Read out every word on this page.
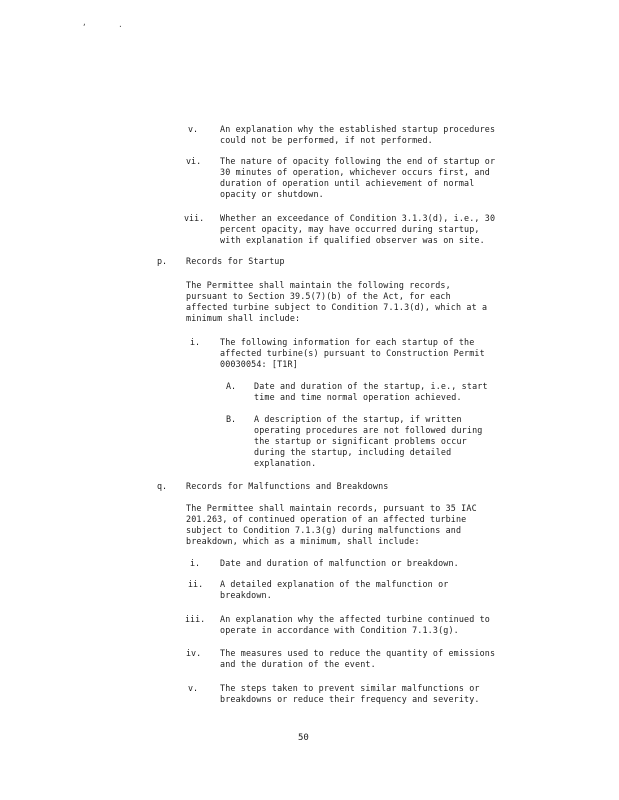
,	.
v.	An explanation why the established startup procedures
could not be performed, if not performed.
vi. The nature of opacity following the end of startup or
30 minutes of operation, whichever occurs first, and
duration of operation until achievement of normal
opacity or shutdown.
vii. Whether an exceedance of Condition 3.1.3(d), i.e., 30
percent opacity, may have occurred during startup,
with explanation if qualified observer was on site.
p. Records for Startup
The Permittee shall maintain the following records,
pursuant to Section 39.5(7)(b) of the Act, for each
affected turbine subject to Condition 7.1.3(d), which at a
minimum shall include:
i. The following information for each startup of the
affected turbine(s) pursuant to Construction Permit
00030054: [T1R]
A. Date and duration of the startup, i.e., start
time and time normal operation achieved.
B. A description of the startup, if written
operating procedures are not followed during
the startup or significant problems occur
during the startup, including detailed
explanation.
q. Records for Malfunctions and Breakdowns
The Permittee shall maintain records, pursuant to 35 IAC
201.263, of continued operation of an affected turbine
subject to Condition 7.1.3(g) during malfunctions and
breakdown, which as a minimum, shall include:
i. Date and duration of malfunction or breakdown.
ii. A detailed explanation of the malfunction or
breakdown.
iii. An explanation why the affected turbine continued to
operate in accordance with Condition 7.1.3(g).
iv. The measures used to reduce the quantity of emissions
and the duration of the event.
v.	The steps taken to prevent similar malfunctions or
breakdowns or reduce their frequency and severity.
50
